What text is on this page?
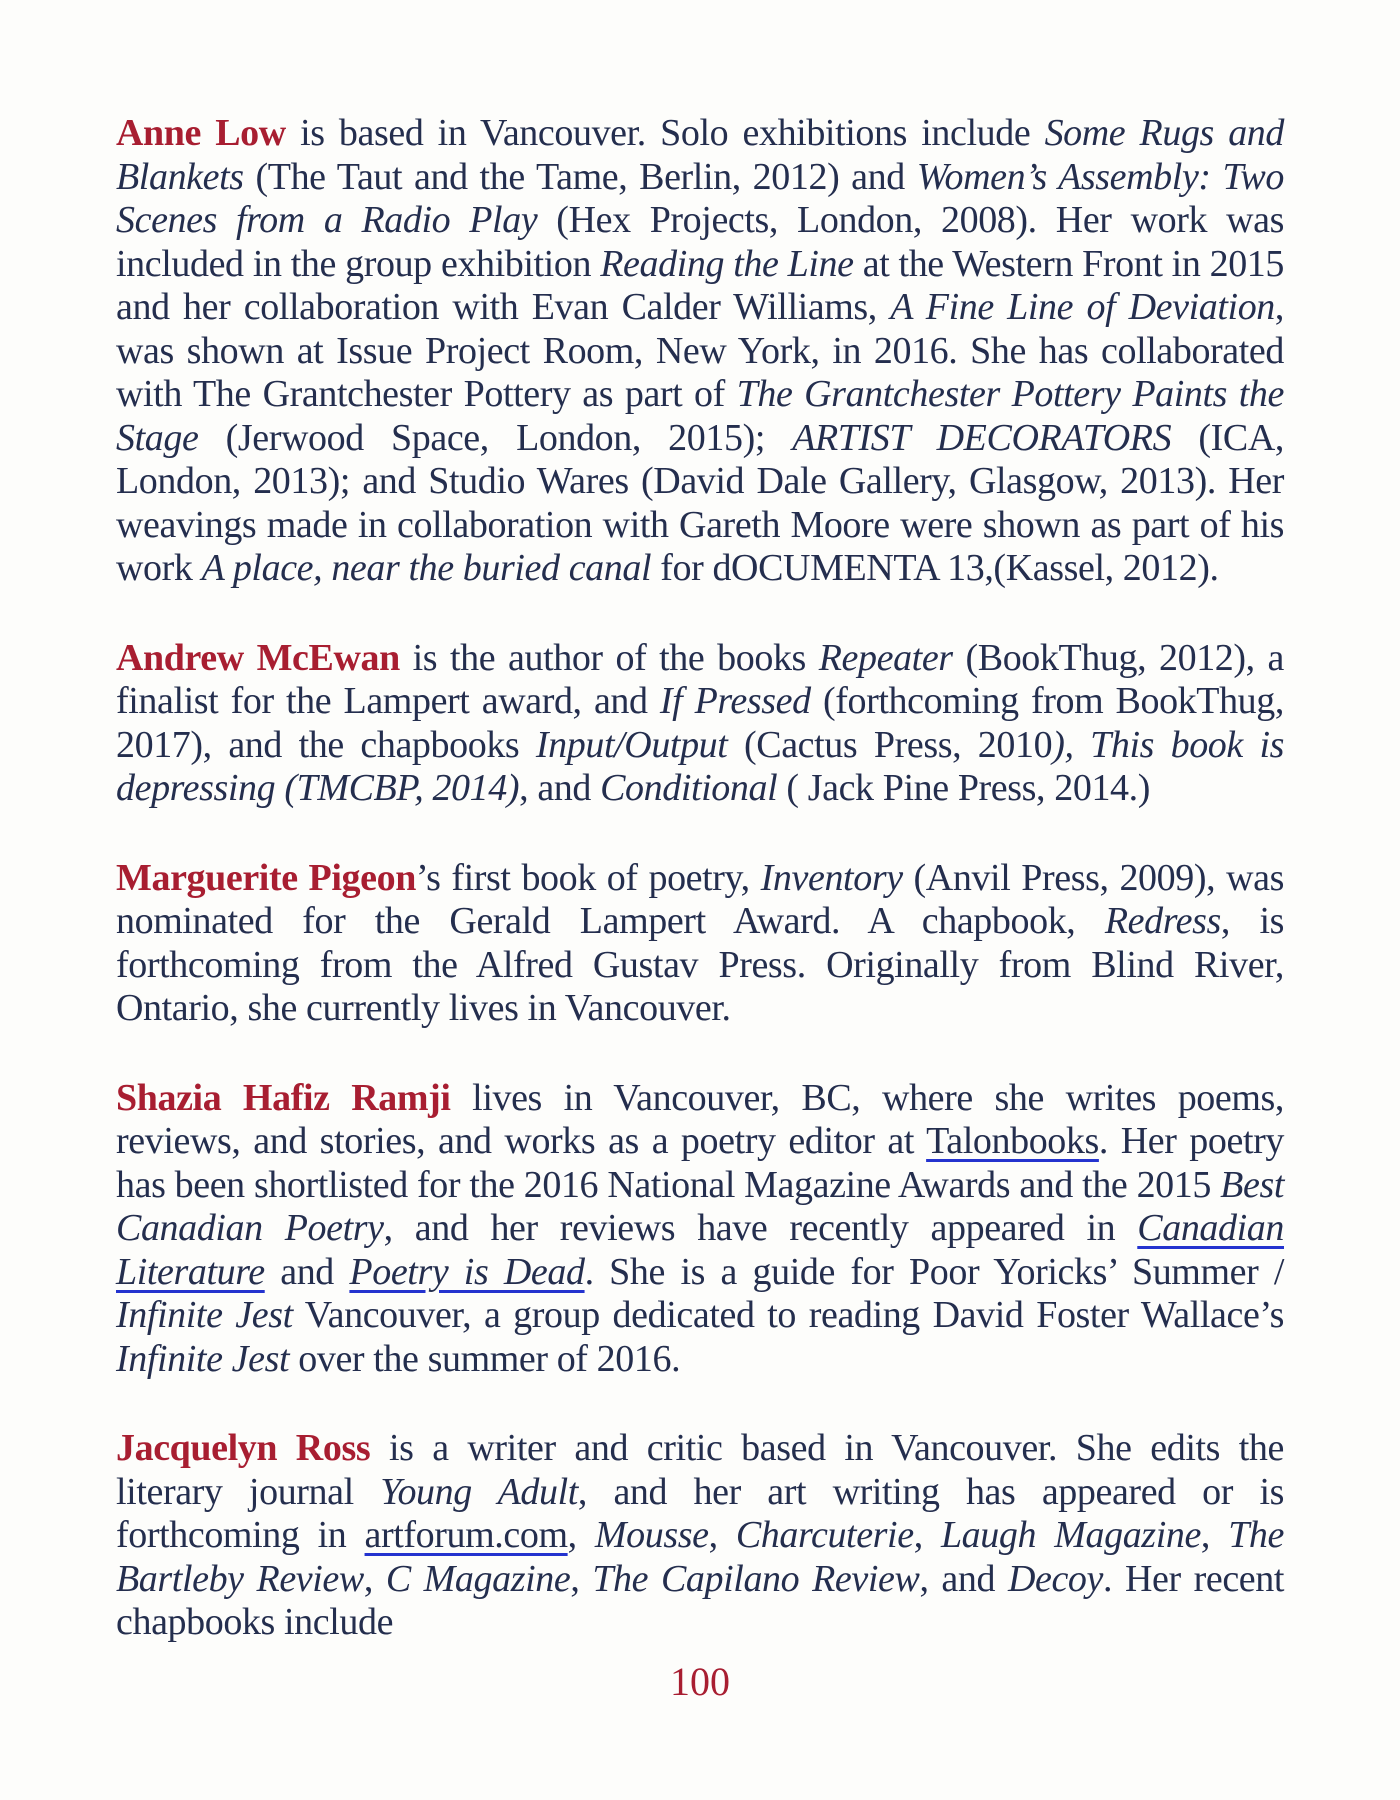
Anne Low is based in Vancouver. Solo exhibitions include Some Rugs and Blankets (The Taut and the Tame, Berlin, 2012) and Women’s Assembly: Two Scenes from a Radio Play (Hex Projects, London, 2008). Her work was included in the group exhibition Reading the Line at the Western Front in 2015 and her collaboration with Evan Calder Williams, A Fine Line of Deviation, was shown at Issue Project Room, New York, in 2016. She has collaborated with The Grantchester Pottery as part of The Grantchester Pottery Paints the Stage (Jerwood Space, London, 2015); ARTIST DECORATORS (ICA, London, 2013); and Studio Wares (David Dale Gallery, Glasgow, 2013). Her weavings made in collaboration with Gareth Moore were shown as part of his work A place, near the buried canal for dOCUMENTA 13,(Kassel, 2012).

Andrew McEwan is the author of the books Repeater (BookThug, 2012), a finalist for the Lampert award, and If Pressed (forthcoming from BookThug, 2017), and the chapbooks Input/Output (Cactus Press, 2010), This book is depressing (TMCBP, 2014), and Conditional ( Jack Pine Press, 2014.)

Marguerite Pigeon’s first book of poetry, Inventory (Anvil Press, 2009), was nominated for the Gerald Lampert Award. A chapbook, Redress, is forthcoming from the Alfred Gustav Press. Originally from Blind River, Ontario, she currently lives in Vancouver.

Shazia Hafiz Ramji lives in Vancouver, BC, where she writes poems, reviews, and stories, and works as a poetry editor at Talonbooks. Her poetry has been shortlisted for the 2016 National Magazine Awards and the 2015 Best Canadian Poetry, and her reviews have recently appeared in Canadian Literature and Poetry is Dead. She is a guide for Poor Yoricks’ Summer / Infinite Jest Vancouver, a group dedicated to reading David Foster Wallace’s Infinite Jest over the summer of 2016.

Jacquelyn Ross is a writer and critic based in Vancouver. She edits the literary journal Young Adult, and her art writing has appeared or is forthcoming in artforum.com, Mousse, Charcuterie, Laugh Magazine, The Bartleby Review, C Magazine, The Capilano Review, and Decoy. Her recent chapbooks include

100
